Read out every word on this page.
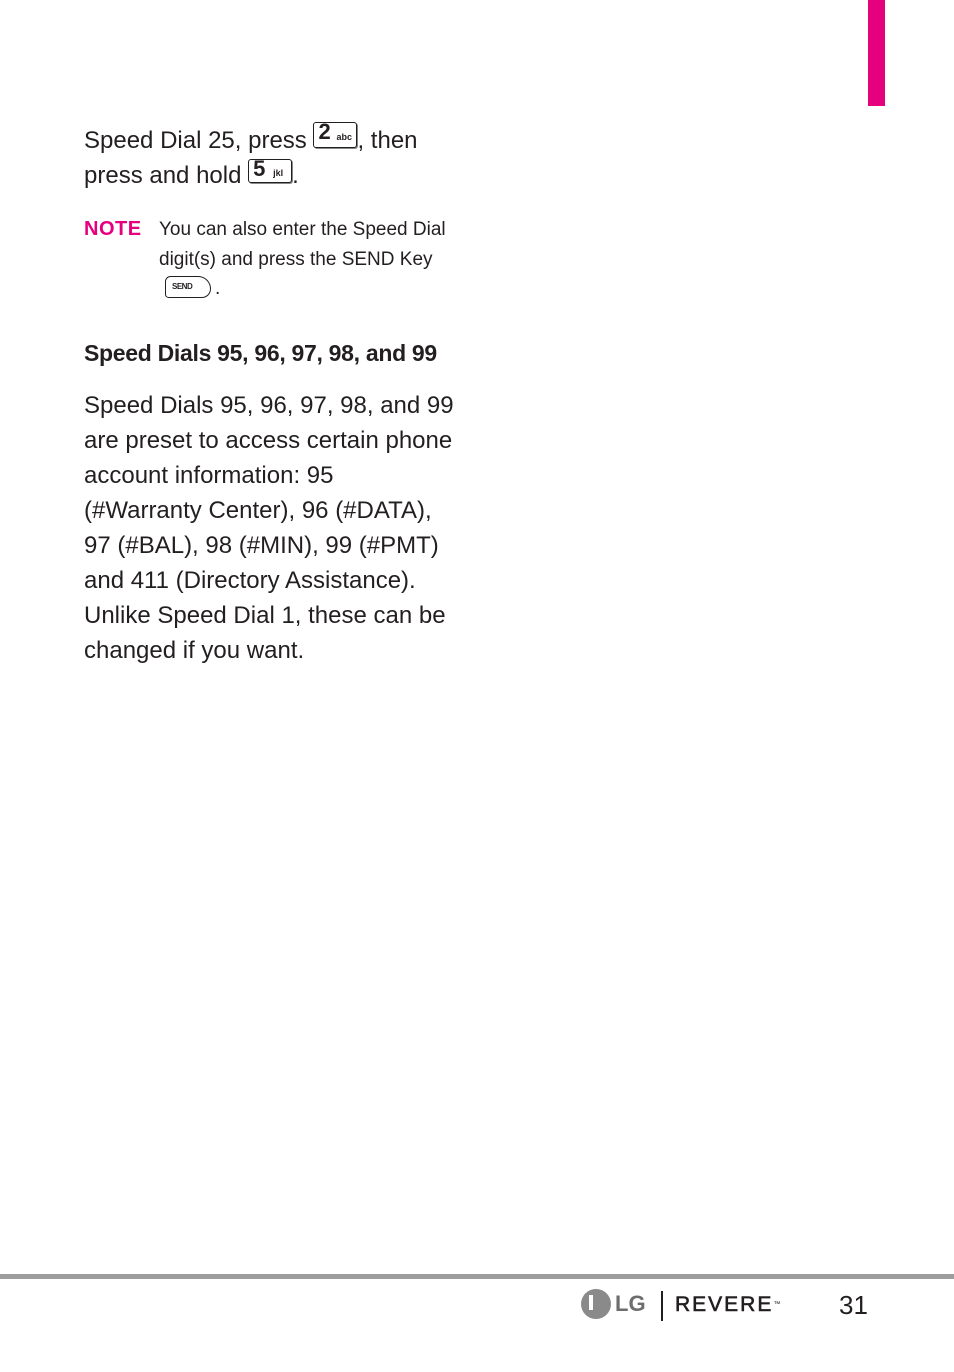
Speed Dial 25, press 2 abc , then press and hold 5 jkl .

NOTE You can also enter the Speed Dial digit(s) and press the SEND Key
SEND .
Speed Dials 95, 96, 97, 98, and 99

Speed Dials 95, 96, 97, 98, and 99 are preset to access certain phone account information: 95 (#Warranty Center), 96 (#DATA), 97 (#BAL), 98 (#MIN), 99 (#PMT) and 411 (Directory Assistance). Unlike Speed Dial 1, these can be changed if you want.

LG REVERE™ 31
